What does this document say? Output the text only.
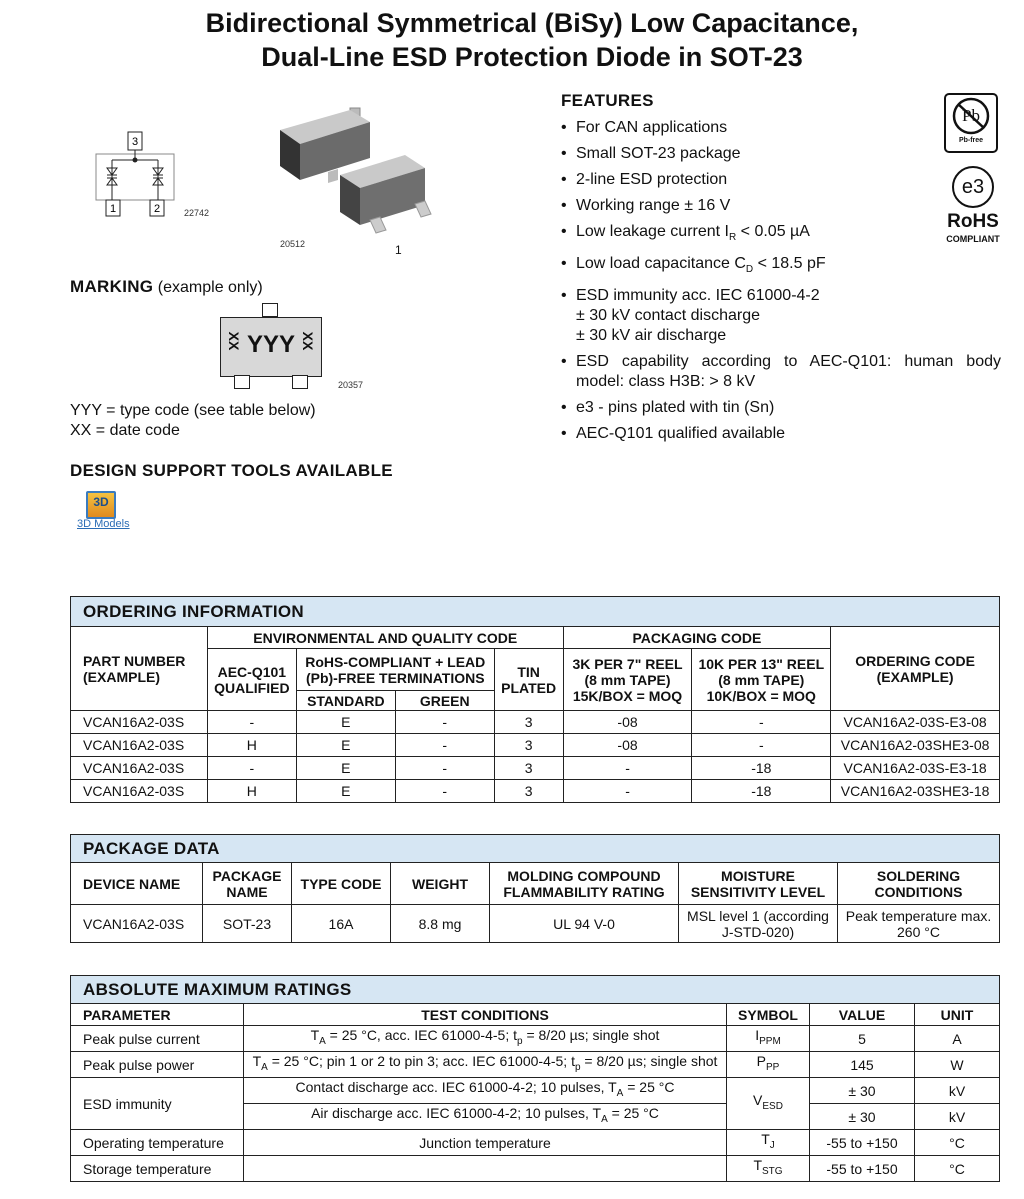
Bidirectional Symmetrical (BiSy) Low Capacitance,
Dual-Line ESD Protection Diode in SOT-23
3
1	2	22742
20512	1
MARKING (example only)
XX YYY XX
20357
YYY = type code (see table below)
XX = date code
DESIGN SUPPORT TOOLS AVAILABLE
3D
3D Models
FEATURES
• For CAN applications
• Small SOT-23 package
• 2-line ESD protection
• Working range ± 16 V
• Low leakage current $I_R < 0.05$ µA
• Low load capacitance $C_D < 18.5$ pF
• ESD immunity acc. IEC 61000-4-2
± 30 kV contact discharge
± 30 kV air discharge
• ESD capability according to AEC-Q101: human body model: class H3B: > 8 kV
• e3 - pins plated with tin (Sn)
• AEC-Q101 qualified available
Pb
Pb-free
e3
RoHS
COMPLIANT
ORDERING INFORMATION							
PART NUMBER (EXAMPLE)	ENVIRONMENTAL AND QUALITY CODE				PACKAGING CODE		ORDERING CODE (EXAMPLE)
	AEC-Q101 QUALIFIED	RoHS-COMPLIANT + LEAD (Pb)-FREE TERMINATIONS		TIN PLATED	3K PER 7" REEL (8 mm TAPE) 15K/BOX = MOQ	10K PER 13" REEL (8 mm TAPE) 10K/BOX = MOQ	
		STANDARD	GREEN				
VCAN16A2-03S	-	E	-	3	-08	-	VCAN16A2-03S-E3-08
VCAN16A2-03S	H	E	-	3	-08	-	VCAN16A2-03SHE3-08
VCAN16A2-03S	-	E	-	3	-	-18	VCAN16A2-03S-E3-18
VCAN16A2-03S	H	E	-	3	-	-18	VCAN16A2-03SHE3-18
PACKAGE DATA						
DEVICE NAME	PACKAGE NAME	TYPE CODE	WEIGHT	MOLDING COMPOUND FLAMMABILITY RATING	MOISTURE SENSITIVITY LEVEL	SOLDERING CONDITIONS
VCAN16A2-03S	SOT-23	16A	8.8 mg	UL 94 V-0	MSL level 1 (according J-STD-020)	Peak temperature max. 260 °C
ABSOLUTE MAXIMUM RATINGS				
PARAMETER	TEST CONDITIONS	SYMBOL	VALUE	UNIT
Peak pulse current	$T_A = 25$ °C, acc. IEC 61000-4-5; $t_p = 8/20$ µs; single shot	$I_{PPM}$	5	A
Peak pulse power	$T_A = 25$ °C; pin 1 or 2 to pin 3; acc. IEC 61000-4-5; $t_p = 8/20$ µs; single shot	$P_{PP}$	145	W
ESD immunity	Contact discharge acc. IEC 61000-4-2; 10 pulses, $T_A = 25$ °C	$V_{ESD}$	± 30	kV
	Air discharge acc. IEC 61000-4-2; 10 pulses, $T_A = 25$ °C		± 30	kV
Operating temperature	Junction temperature	$T_J$	-55 to +150	°C
Storage temperature		$T_{STG}$	-55 to +150	°C
